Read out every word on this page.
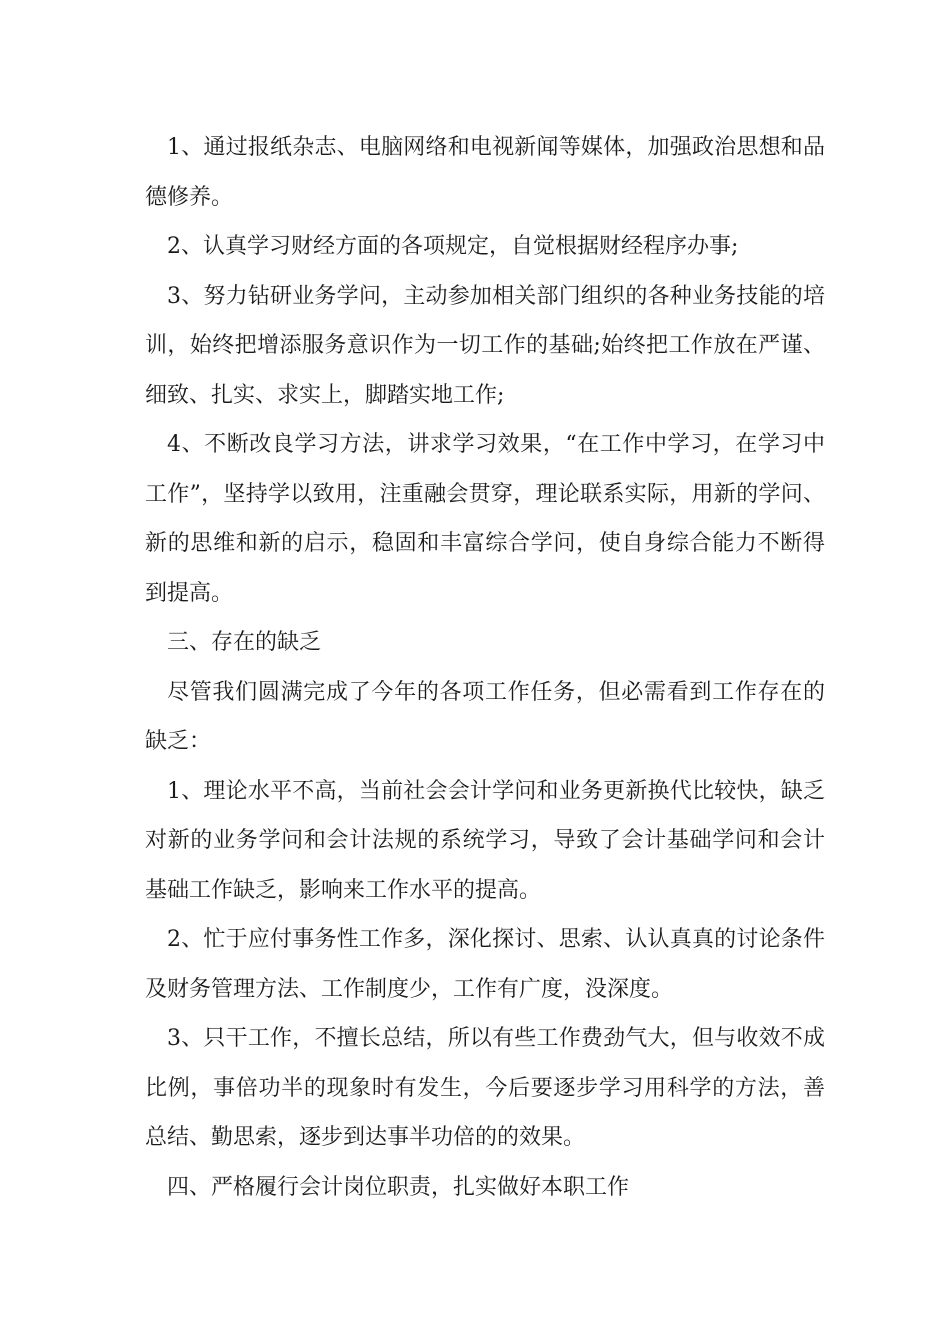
1、通过报纸杂志、电脑网络和电视新闻等媒体，加强政治思想和品德修养。

2、认真学习财经方面的各项规定，自觉根据财经程序办事;

3、努力钻研业务学问，主动参加相关部门组织的各种业务技能的培训，始终把增添服务意识作为一切工作的基础;始终把工作放在严谨、细致、扎实、求实上，脚踏实地工作;

4、不断改良学习方法，讲求学习效果，“在工作中学习，在学习中工作”，坚持学以致用，注重融会贯穿，理论联系实际，用新的学问、新的思维和新的启示，稳固和丰富综合学问，使自身综合能力不断得到提高。

三、存在的缺乏

尽管我们圆满完成了今年的各项工作任务，但必需看到工作存在的缺乏：

1、理论水平不高，当前社会会计学问和业务更新换代比较快，缺乏对新的业务学问和会计法规的系统学习，导致了会计基础学问和会计基础工作缺乏，影响来工作水平的提高。

2、忙于应付事务性工作多，深化探讨、思索、认认真真的讨论条件及财务管理方法、工作制度少，工作有广度，没深度。

3、只干工作，不擅长总结，所以有些工作费劲气大，但与收效不成比例，事倍功半的现象时有发生，今后要逐步学习用科学的方法，善总结、勤思索，逐步到达事半功倍的的效果。

四、严格履行会计岗位职责，扎实做好本职工作
